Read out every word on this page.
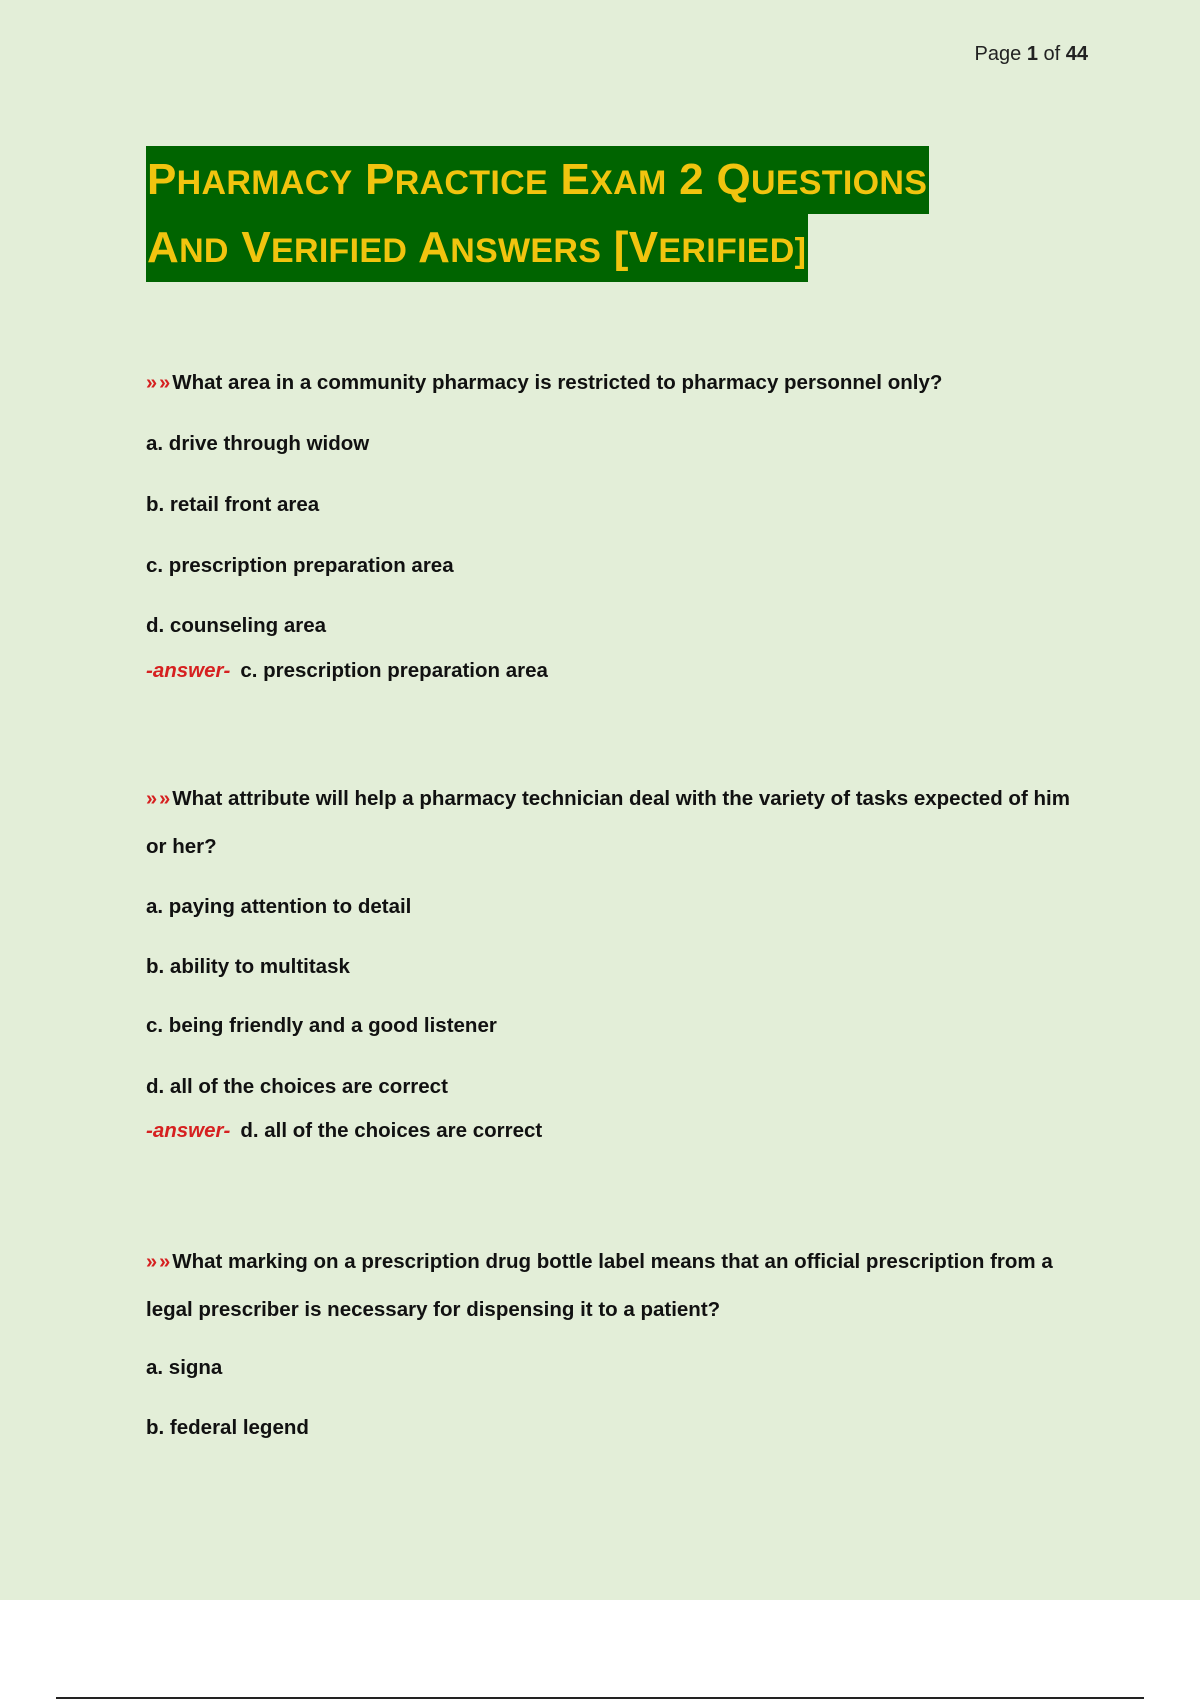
Page 1 of 44
PHARMACY PRACTICE EXAM 2 QUESTIONS
AND VERIFIED ANSWERS [VERIFIED]
» » What area in a community pharmacy is restricted to pharmacy personnel only?
a. drive through widow
b. retail front area
c. prescription preparation area
d. counseling area
-answer- c. prescription preparation area
» » What attribute will help a pharmacy technician deal with the variety of tasks expected of him or her?
a. paying attention to detail
b. ability to multitask
c. being friendly and a good listener
d. all of the choices are correct
-answer- d. all of the choices are correct
» » What marking on a prescription drug bottle label means that an official prescription from a legal prescriber is necessary for dispensing it to a patient?
a. signa
b. federal legend
